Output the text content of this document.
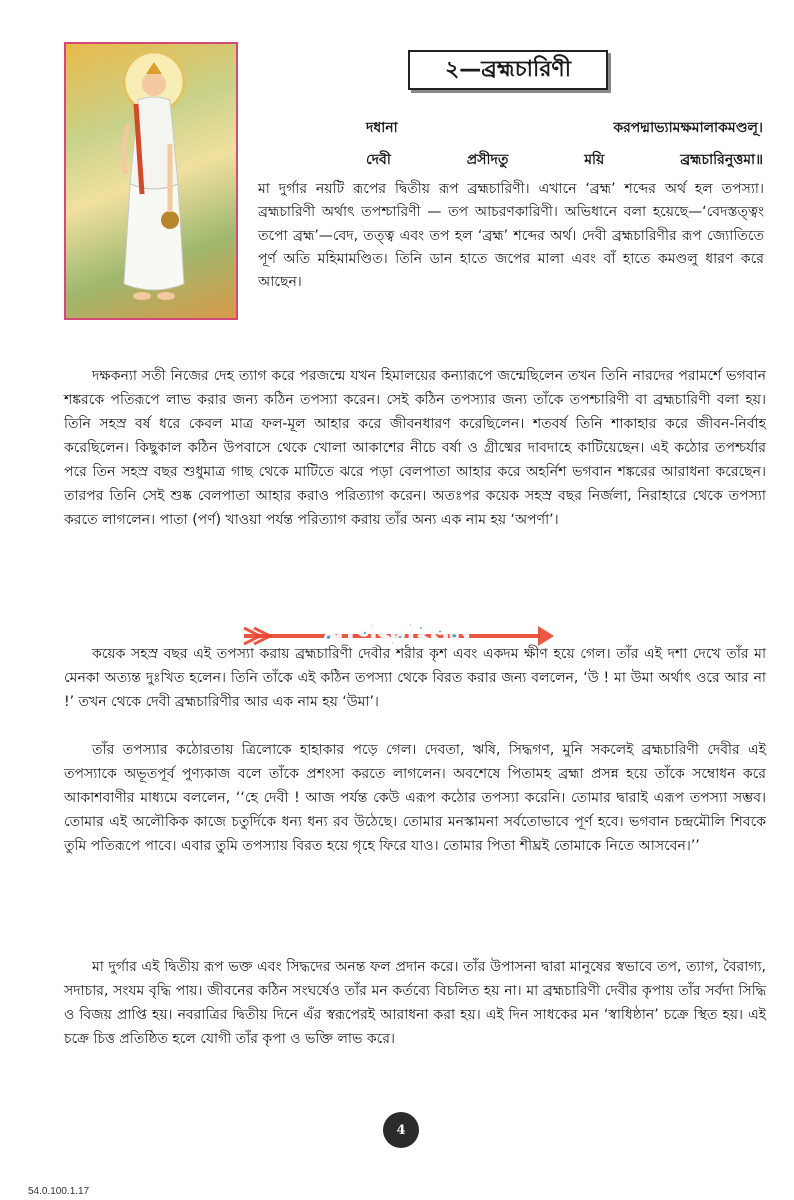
২—ব্রহ্মচারিণী
দধানা	করপদ্মাভ্যামক্ষমালাকমণ্ডলূ।
দেবী	প্রসীদতু	ময়ি	ব্রহ্মচারিনুত্তমা॥

মা দুর্গার নয়টি রূপের দ্বিতীয় রূপ ব্রহ্মচারিণী। এখানে ‘ব্রহ্ম’ শব্দের অর্থ হল তপস্যা। ব্রহ্মচারিণী অর্থাৎ তপশ্চারিণী — তপ আচরণকারিণী। অভিধানে বলা হয়েছে—‘বেদস্তত্ত্বং তপো ব্রহ্ম’—বেদ, তত্ত্ব এবং তপ হল ‘ব্রহ্ম’ শব্দের অর্থ। দেবী ব্রহ্মচারিণীর রূপ জ্যোতিতে পূর্ণ অতি মহিমামণ্ডিত। তিনি ডান হাতে জপের মালা এবং বাঁ হাতে কমণ্ডলু ধারণ করে আছেন।

দক্ষকন্যা সতী নিজের দেহ ত্যাগ করে পরজন্মে যখন হিমালয়ের কন্যারূপে জন্মেছিলেন তখন তিনি নারদের পরামর্শে ভগবান শঙ্করকে পতিরূপে লাভ করার জন্য কঠিন তপস্যা করেন। সেই কঠিন তপস্যার জন্য তাঁকে তপশ্চারিণী বা ব্রহ্মচারিণী বলা হয়। তিনি সহস্র বর্ষ ধরে কেবল মাত্র ফল-মূল আহার করে জীবনধারণ করেছিলেন। শতবর্ষ তিনি শাকাহার করে জীবন-নির্বাহ করেছিলেন। কিছুকাল কঠিন উপবাসে থেকে খোলা আকাশের নীচে বর্ষা ও গ্রীষ্মের দাবদাহে কাটিয়েছেন। এই কঠোর তপশ্চর্যার পরে তিন সহস্র বছর শুধুমাত্র গাছ থেকে মাটিতে ঝরে পড়া বেলপাতা আহার করে অহর্নিশ ভগবান শঙ্করের আরাধনা করেছেন। তারপর তিনি সেই শুষ্ক বেলপাতা আহার করাও পরিত্যাগ করেন। অতঃপর কয়েক সহস্র বছর নির্জলা, নিরাহারে থেকে তপস্যা করতে লাগলেন। পাতা (পর্ণ) খাওয়া পর্যন্ত পরিত্যাগ করায় তাঁর অন্য এক নাম হয় ‘অপর্ণা’।

কয়েক সহস্র বছর এই তপস্যা করায় ব্রহ্মচারিণী দেবীর শরীর কৃশ এবং একদম ক্ষীণ হয়ে গেল। তাঁর এই দশা দেখে তাঁর মা মেনকা অত্যন্ত দুঃখিত হলেন। তিনি তাঁকে এই কঠিন তপস্যা থেকে বিরত করার জন্য বললেন, ‘উ ! মা উমা অর্থাৎ ওরে আর না !’ তখন থেকে দেবী ব্রহ্মচারিণীর আর এক নাম হয় ‘উমা’।

তাঁর তপস্যার কঠোরতায় ত্রিলোকে হাহাকার পড়ে গেল। দেবতা, ঋষি, সিদ্ধগণ, মুনি সকলেই ব্রহ্মচারিণী দেবীর এই তপস্যাকে অভূতপূর্ব পুণ্যকাজ বলে তাঁকে প্রশংসা করতে লাগলেন। অবশেষে পিতামহ ব্রহ্মা প্রসন্ন হয়ে তাঁকে সম্বোধন করে আকাশবাণীর মাধ্যমে বললেন, ‘‘হে দেবী ! আজ পর্যন্ত কেউ এরূপ কঠোর তপস্যা করেনি। তোমার দ্বারাই এরূপ তপস্যা সম্ভব। তোমার এই অলৌকিক কাজে চতুর্দিকে ধন্য ধন্য রব উঠেছে। তোমার মনস্কামনা সর্বতোভাবে পূর্ণ হবে। ভগবান চন্দ্রমৌলি শিবকে তুমি পতিরূপে পাবে। এবার তুমি তপস্যায় বিরত হয়ে গৃহে ফিরে যাও। তোমার পিতা শীঘ্রই তোমাকে নিতে আসবেন।’’

মা দুর্গার এই দ্বিতীয় রূপ ভক্ত এবং সিদ্ধদের অনন্ত ফল প্রদান করে। তাঁর উপাসনা দ্বারা মানুষের স্বভাবে তপ, ত্যাগ, বৈরাগ্য, সদাচার, সংযম বৃদ্ধি পায়। জীবনের কঠিন সংঘর্ষেও তাঁর মন কর্তব্যে বিচলিত হয় না। মা ব্রহ্মচারিণী দেবীর কৃপায় তাঁর সর্বদা সিদ্ধি ও বিজয় প্রাপ্তি হয়। নবরাত্রির দ্বিতীয় দিনে এঁর স্বরূপেরই আরাধনা করা হয়। এই দিন সাধকের মন ‘স্বাধিষ্ঠান’ চক্রে স্থিত হয়। এই চক্রে চিত্ত প্রতিষ্ঠিত হলে যোগী তাঁর কৃপা ও ভক্তি লাভ করে।

মণিকাঞ্চন
4
54.0.100.1.17
